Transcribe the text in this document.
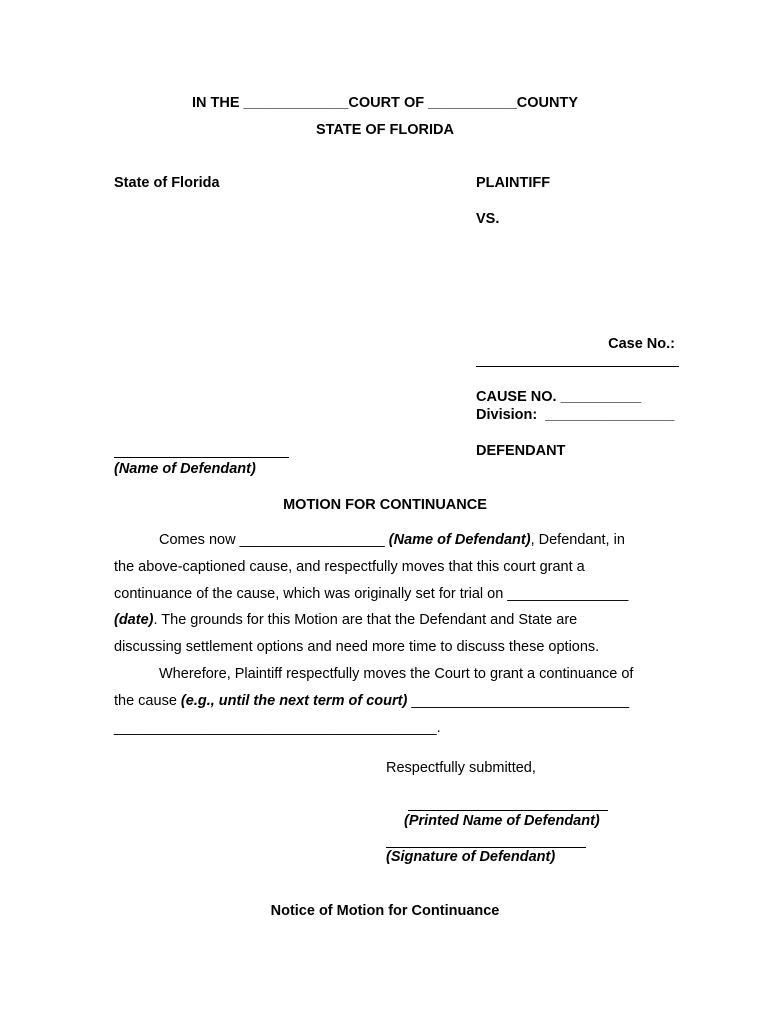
IN THE _____________COURT OF ___________COUNTY
STATE OF FLORIDA
State of Florida	PLAINTIFF
VS.
Case No.:
CAUSE NO. __________
Division:  ________________
DEFENDANT
(Name of Defendant)
MOTION FOR CONTINUANCE
Comes now __________________ (Name of Defendant), Defendant, in
the above-captioned cause, and respectfully moves that this court grant a
continuance of the cause, which was originally set for trial on _______________
(date). The grounds for this Motion are that the Defendant and State are
discussing settlement options and need more time to discuss these options.
Wherefore, Plaintiff respectfully moves the Court to grant a continuance of
the cause (e.g., until the next term of court) ___________________________
________________________________________.
Respectfully submitted,
(Printed Name of Defendant)
(Signature of Defendant)
Notice of Motion for Continuance
